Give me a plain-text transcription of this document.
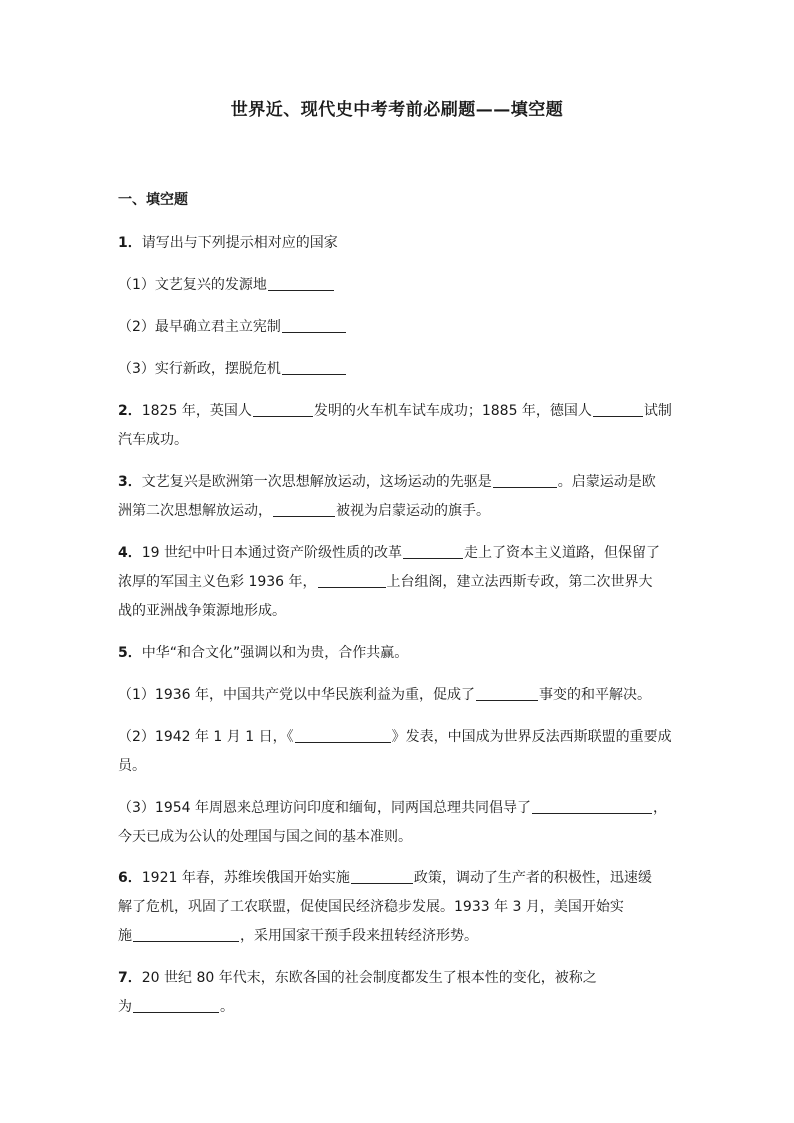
世界近、现代史中考考前必刷题——填空题
一、填空题
1．请写出与下列提示相对应的国家
（1）文艺复兴的发源地
（2）最早确立君主立宪制
（3）实行新政，摆脱危机
2．1825 年，英国人	发明的火车机车试车成功；1885 年，德国人	试制
汽车成功。
3．文艺复兴是欧洲第一次思想解放运动，这场运动的先驱是	。启蒙运动是欧
洲第二次思想解放运动，	被视为启蒙运动的旗手。
4．19 世纪中叶日本通过资产阶级性质的改革	走上了资本主义道路，但保留了
浓厚的军国主义色彩 1936 年，	上台组阁，建立法西斯专政，第二次世界大
战的亚洲战争策源地形成。
5．中华“和合文化”强调以和为贵，合作共赢。
（1）1936 年，中国共产党以中华民族利益为重，促成了	事变的和平解决。
（2）1942 年 1 月 1 日，《	》发表，中国成为世界反法西斯联盟的重要成
员。
（3）1954 年周恩来总理访问印度和缅甸，同两国总理共同倡导了	，
今天已成为公认的处理国与国之间的基本准则。
6．1921 年春，苏维埃俄国开始实施	政策，调动了生产者的积极性，迅速缓
解了危机，巩固了工农联盟，促使国民经济稳步发展。1933 年 3 月，美国开始实
施	，采用国家干预手段来扭转经济形势。
7．20 世纪 80 年代末，东欧各国的社会制度都发生了根本性的变化，被称之
为	。
